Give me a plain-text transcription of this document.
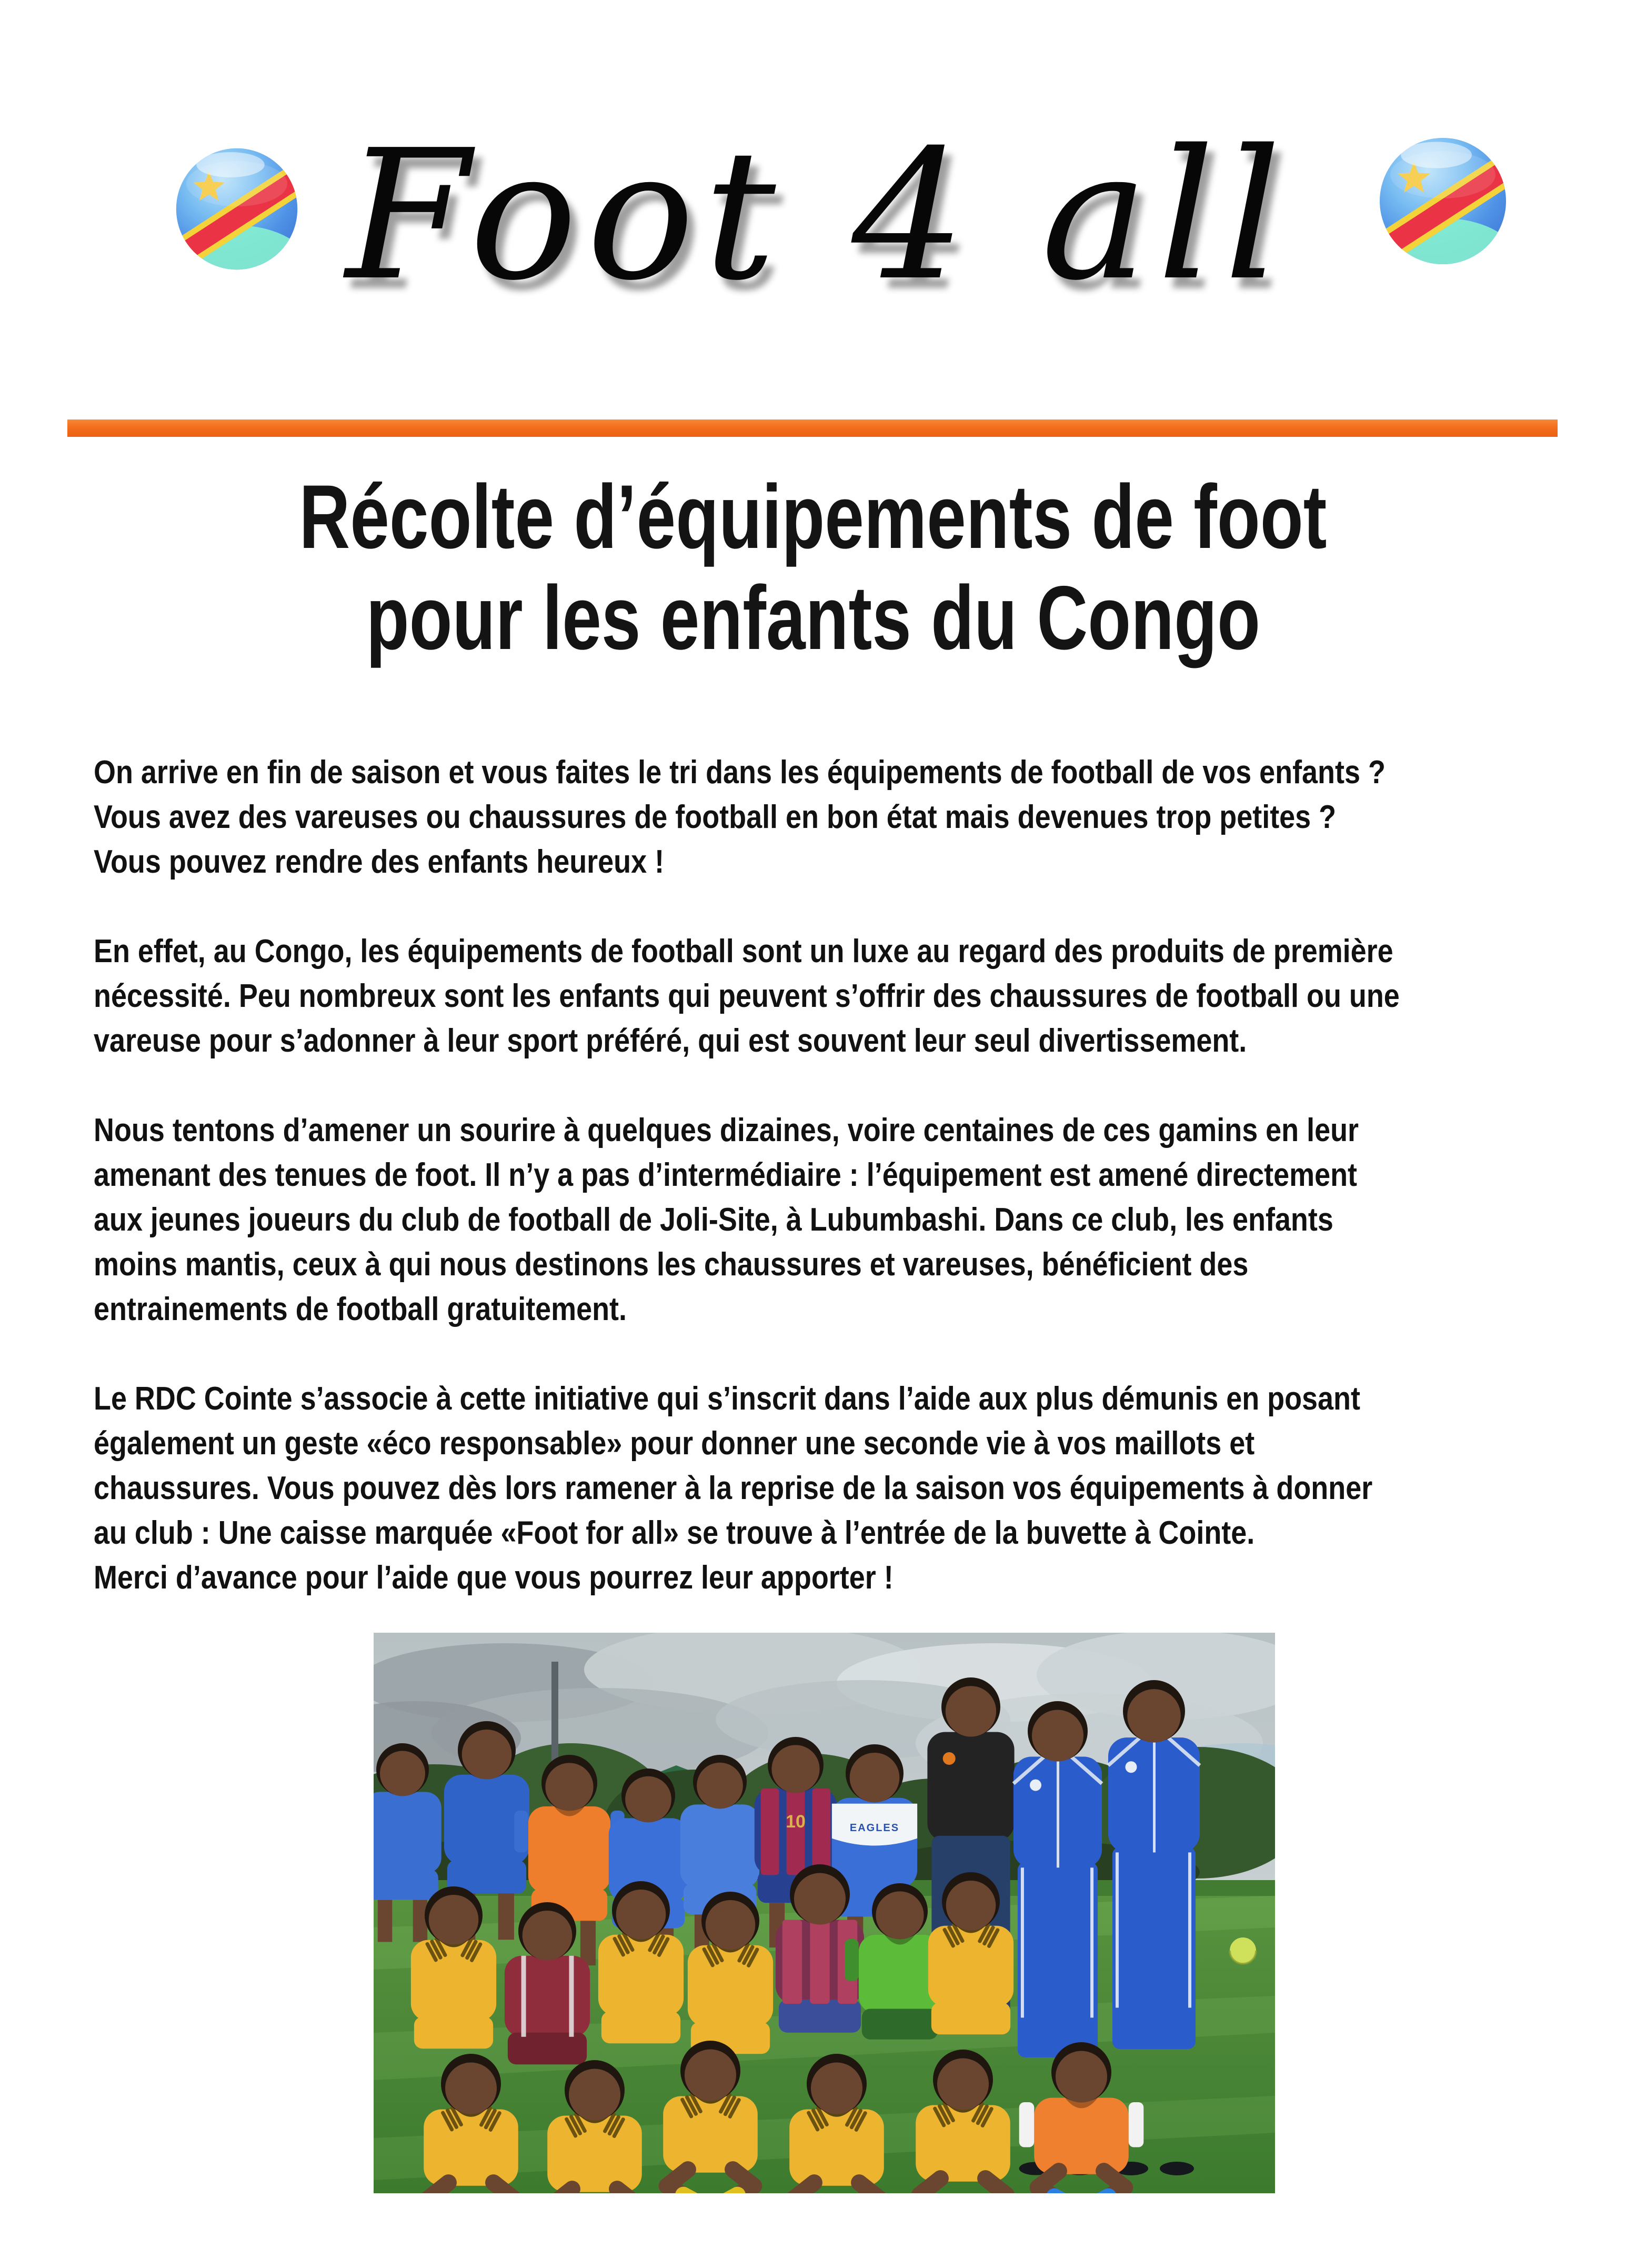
Foot 4 all
Récolte d’équipements de foot
pour les enfants du Congo
On arrive en fin de saison et vous faites le tri dans les équipements de football de vos enfants ?
Vous avez des vareuses ou chaussures de football en bon état mais devenues trop petites ?
Vous pouvez rendre des enfants heureux !
En effet, au Congo, les équipements de football sont un luxe au regard des produits de première
nécessité. Peu nombreux sont les enfants qui peuvent s’offrir des chaussures de football ou une
vareuse pour s’adonner à leur sport préféré, qui est souvent leur seul divertissement.
Nous tentons d’amener un sourire à quelques dizaines, voire centaines de ces gamins en leur
amenant des tenues de foot. Il n’y a pas d’intermédiaire : l’équipement est amené directement
aux jeunes joueurs du club de football de Joli-Site, à Lubumbashi. Dans ce club, les enfants
moins mantis, ceux à qui nous destinons les chaussures et vareuses, bénéficient des
entrainements de football gratuitement.
Le RDC Cointe s’associe à cette initiative qui s’inscrit dans l’aide aux plus démunis en posant
également un geste «éco responsable» pour donner une seconde vie à vos maillots et
chaussures. Vous pouvez dès lors ramener à la reprise de la saison vos équipements à donner
au club : Une caisse marquée «Foot for all» se trouve à l’entrée de la buvette à Cointe.
Merci d’avance pour l’aide que vous pourrez leur apporter !
10	EAGLES
